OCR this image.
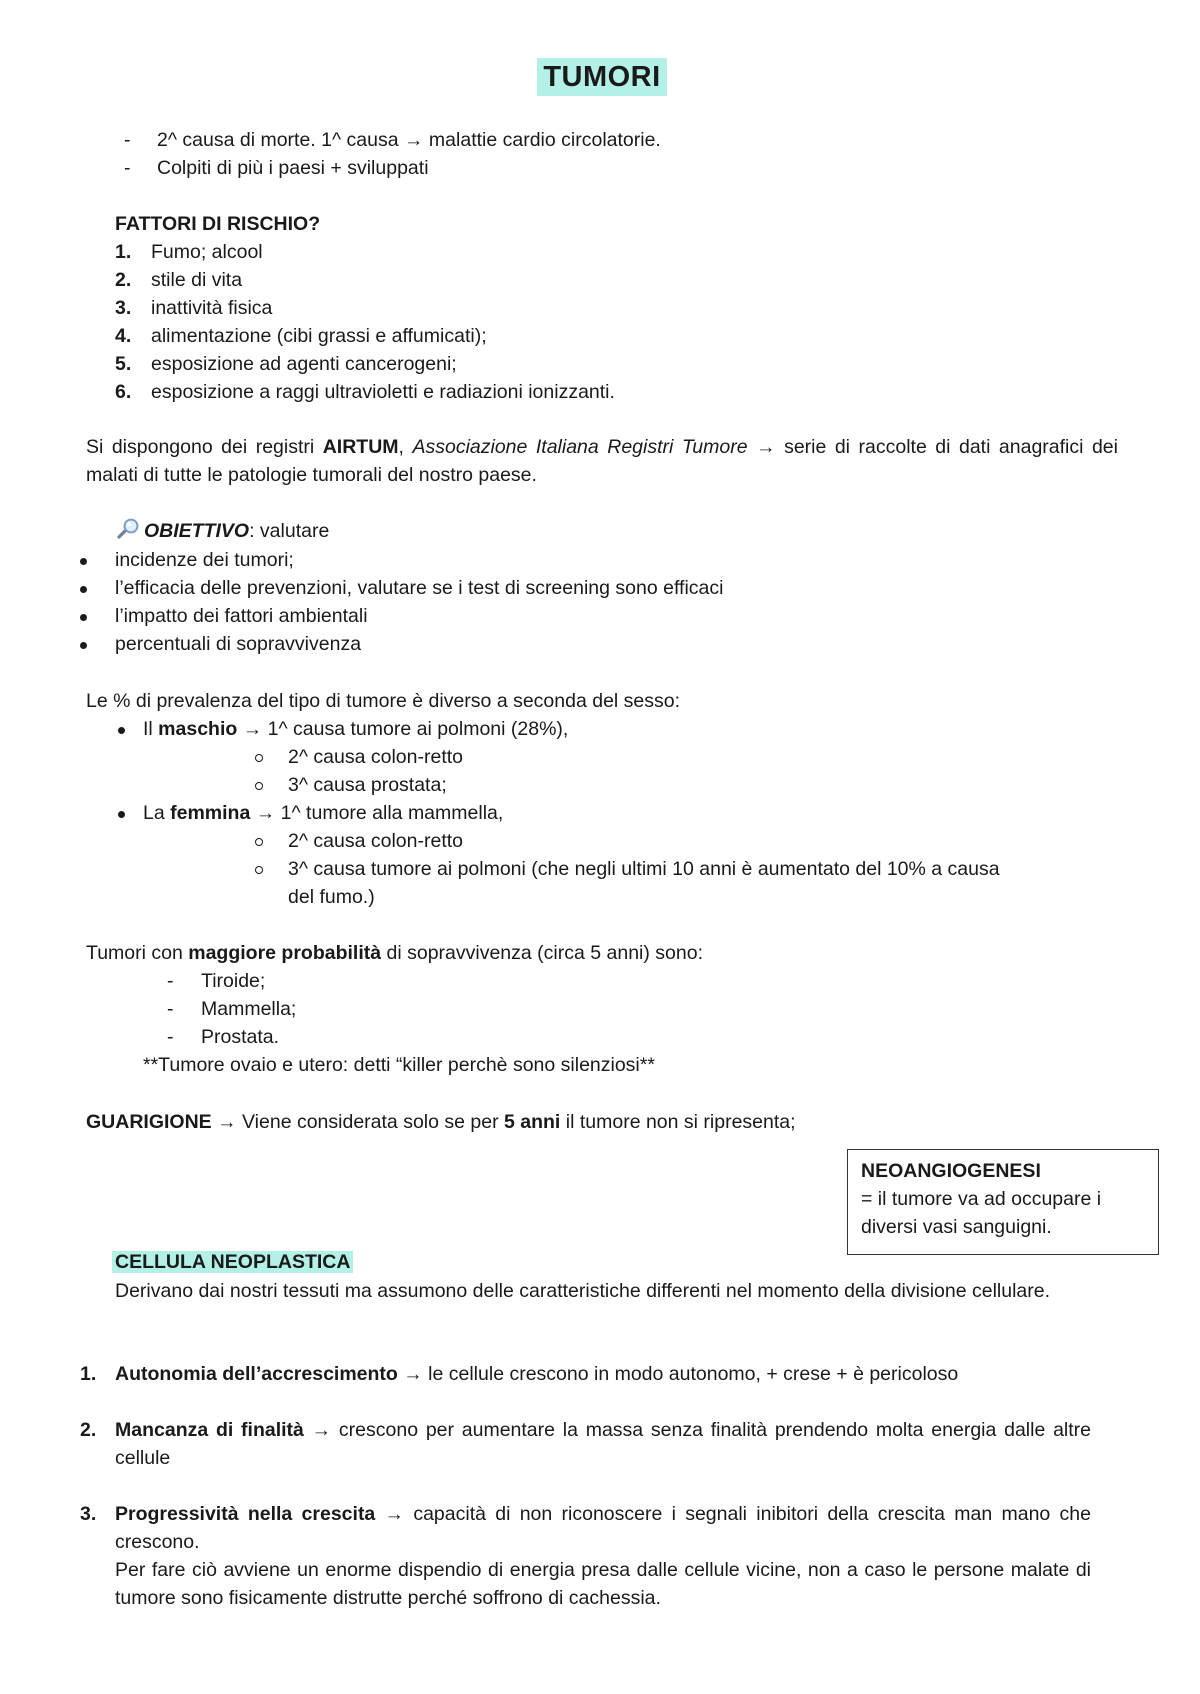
TUMORI
- 2^ causa di morte. 1^ causa → malattie cardio circolatorie.
- Colpiti di più i paesi + sviluppati
FATTORI DI RISCHIO?
1. Fumo; alcool
2. stile di vita
3. inattività fisica
4. alimentazione (cibi grassi e affumicati);
5. esposizione ad agenti cancerogeni;
6. esposizione a raggi ultravioletti e radiazioni ionizzanti.
Si dispongono dei registri AIRTUM, Associazione Italiana Registri Tumore → serie di raccolte di dati anagrafici dei malati di tutte le patologie tumorali del nostro paese.
OBIETTIVO: valutare
incidenze dei tumori;
l’efficacia delle prevenzioni, valutare se i test di screening sono efficaci
l’impatto dei fattori ambientali
percentuali di sopravvivenza
Le % di prevalenza del tipo di tumore è diverso a seconda del sesso:
Il maschio → 1^ causa tumore ai polmoni (28%),
2^ causa colon-retto
3^ causa prostata;
La femmina → 1^ tumore alla mammella,
2^ causa colon-retto
3^ causa tumore ai polmoni (che negli ultimi 10 anni è aumentato del 10% a causa
del fumo.)
Tumori con maggiore probabilità di sopravvivenza (circa 5 anni) sono:
- Tiroide;
- Mammella;
- Prostata.
**Tumore ovaio e utero: detti “killer perchè sono silenziosi**
GUARIGIONE → Viene considerata solo se per 5 anni il tumore non si ripresenta;
NEOANGIOGENESI
= il tumore va ad occupare i
diversi vasi sanguigni.
CELLULA NEOPLASTICA
Derivano dai nostri tessuti ma assumono delle caratteristiche differenti nel momento della divisione cellulare.
1. Autonomia dell’accrescimento → le cellule crescono in modo autonomo, + crese + è pericoloso
2. Mancanza di finalità → crescono per aumentare la massa senza finalità prendendo molta energia dalle altre cellule
3. Progressività nella crescita → capacità di non riconoscere i segnali inibitori della crescita man mano che crescono.
Per fare ciò avviene un enorme dispendio di energia presa dalle cellule vicine, non a caso le persone malate di tumore sono fisicamente distrutte perché soffrono di cachessia.
